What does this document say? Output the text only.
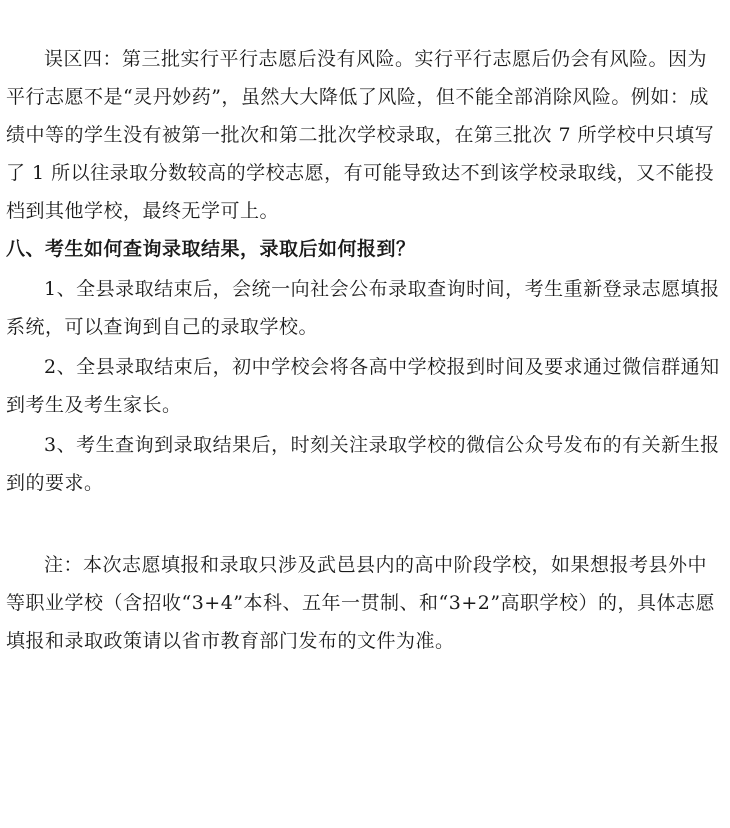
误区四：第三批实行平行志愿后没有风险。实行平行志愿后仍会有风险。因为平行志愿不是“灵丹妙药”，虽然大大降低了风险，但不能全部消除风险。例如：成绩中等的学生没有被第一批次和第二批次学校录取，在第三批次 7 所学校中只填写了 1 所以往录取分数较高的学校志愿，有可能导致达不到该学校录取线，又不能投档到其他学校，最终无学可上。

八、考生如何查询录取结果，录取后如何报到？

1、全县录取结束后，会统一向社会公布录取查询时间，考生重新登录志愿填报系统，可以查询到自己的录取学校。

2、全县录取结束后，初中学校会将各高中学校报到时间及要求通过微信群通知到考生及考生家长。

3、考生查询到录取结果后，时刻关注录取学校的微信公众号发布的有关新生报到的要求。

注：本次志愿填报和录取只涉及武邑县内的高中阶段学校，如果想报考县外中等职业学校（含招收“3+4”本科、五年一贯制、和“3+2”高职学校）的，具体志愿填报和录取政策请以省市教育部门发布的文件为准。
